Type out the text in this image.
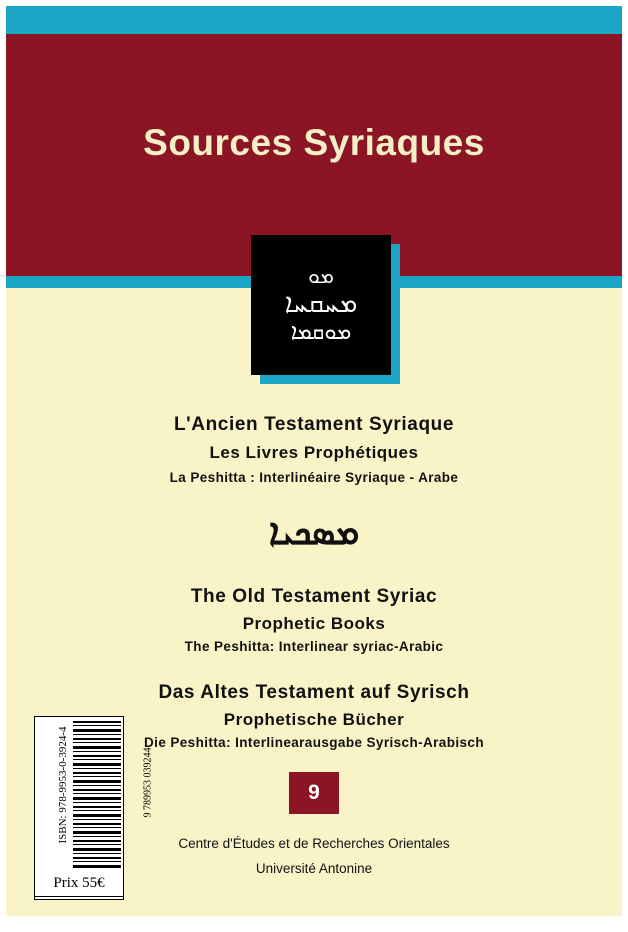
Sources Syriaques
ܡܘ
ܡܚܩܚܐ
ܡܘܩܡܐ
L'Ancien Testament Syriaque
Les Livres Prophétiques
La Peshitta : Interlinéaire Syriaque - Arabe
ܡܣܟܝܐ
The Old Testament Syriac
Prophetic Books
The Peshitta: Interlinear syriac-Arabic
Das Altes Testament auf Syrisch
Prophetische Bücher
Die Peshitta: Interlinearausgabe Syrisch-Arabisch
9
Centre d'Études et de Recherches Orientales
Université Antonine
ISBN: 978-9953-0-3924-4	9 789953 039244
Prix 55€
